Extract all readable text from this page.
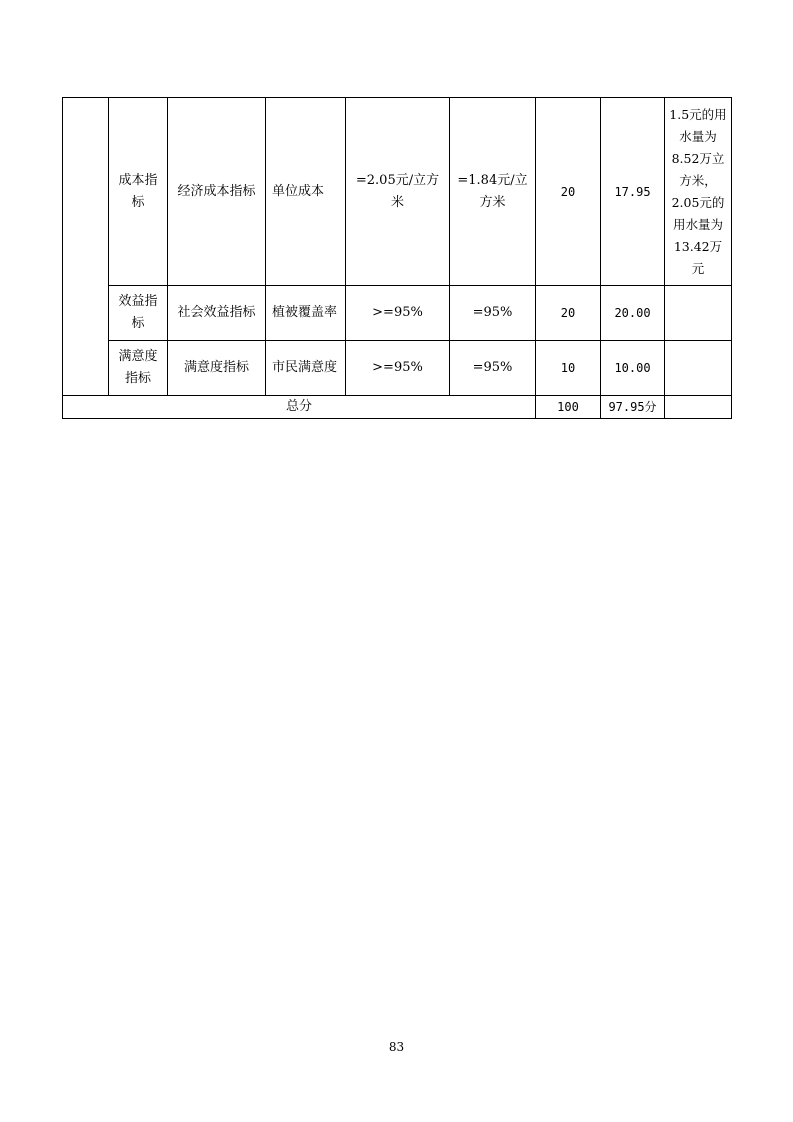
	成本指标	经济成本指标	单位成本	=2.05元/立方米	=1.84元/立方米	20	17.95	1.5元的用水量为8.52万立方米，2.05元的用水量为13.42万元
	效益指标	社会效益指标	植被覆盖率	>=95%	=95%	20	20.00	
	满意度指标	满意度指标	市民满意度	>=95%	=95%	10	10.00	
总分						100	97.95分	
83
